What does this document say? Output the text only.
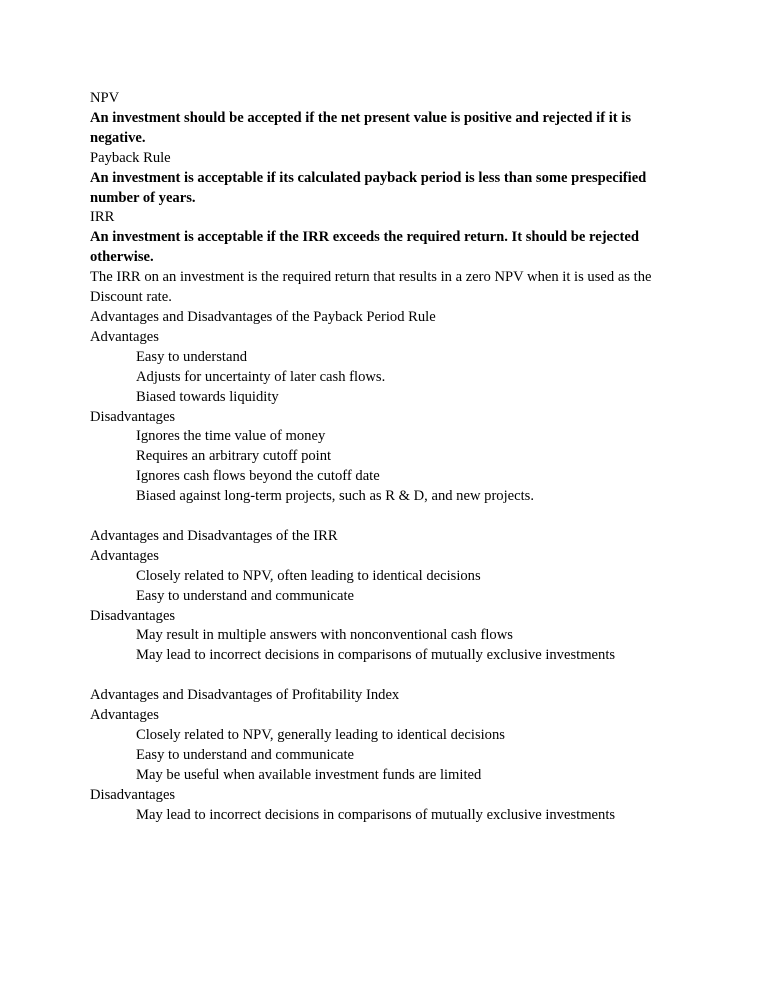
NPV
An investment should be accepted if the net present value is positive and rejected if it is negative.
Payback Rule
An investment is acceptable if its calculated payback period is less than some prespecified number of years.
IRR
An investment is acceptable if the IRR exceeds the required return. It should be rejected otherwise.
The IRR on an investment is the required return that results in a zero NPV when it is used as the Discount rate.
Advantages and Disadvantages of the Payback Period Rule
Advantages
Easy to understand
Adjusts for uncertainty of later cash flows.
Biased towards liquidity
Disadvantages
Ignores the time value of money
Requires an arbitrary cutoff point
Ignores cash flows beyond the cutoff date
Biased against long-term projects, such as R & D, and new projects.
Advantages and Disadvantages of the IRR
Advantages
Closely related to NPV, often leading to identical decisions
Easy to understand and communicate
Disadvantages
May result in multiple answers with nonconventional cash flows
May lead to incorrect decisions in comparisons of mutually exclusive investments
Advantages and Disadvantages of Profitability Index
Advantages
Closely related to NPV, generally leading to identical decisions
Easy to understand and communicate
May be useful when available investment funds are limited
Disadvantages
May lead to incorrect decisions in comparisons of mutually exclusive investments
